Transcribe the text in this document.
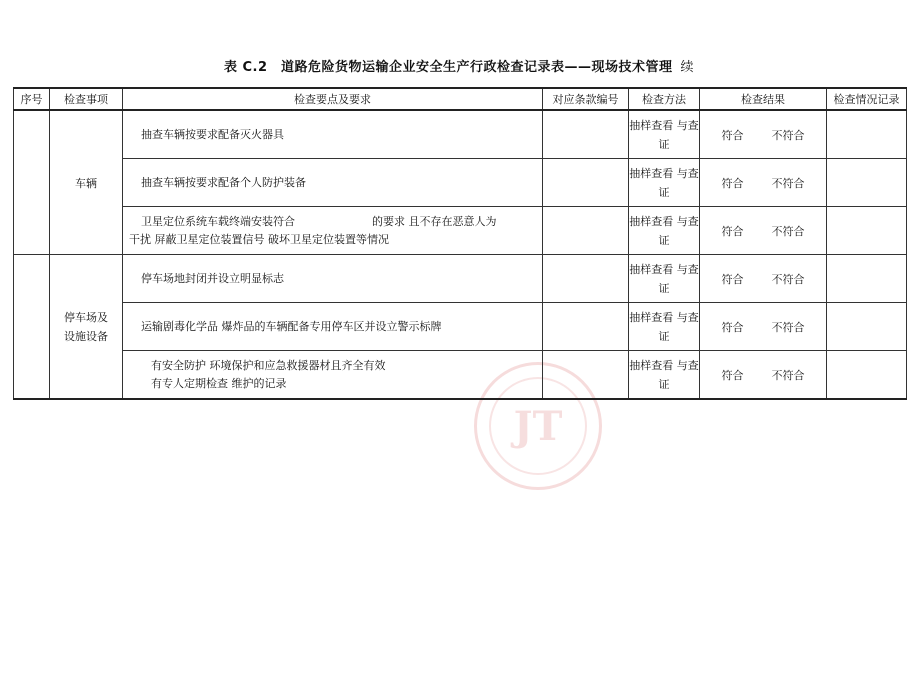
表 C.2　道路危险货物运输企业安全生产行政检查记录表——现场技术管理 续
JT
序号	检查事项	检查要点及要求	对应条款编号	检查方法	检查结果	检查情况记录
	车辆	抽查车辆按要求配备灭火器具		抽样查看 与查证	符合 不符合	
		抽查车辆按要求配备个人防护装备		抽样查看 与查证	符合 不符合	

		卫星定位系统车载终端安装符合　　　　　　　的要求 且不存在恶意人为
干扰 屏蔽卫星定位装置信号 破坏卫星定位装置等情况		抽样查看 与查证	符合 不符合	

	停车场及
设施设备	停车场地封闭并设立明显标志		抽样查看 与查证	符合 不符合	
		运输剧毒化学品 爆炸品的车辆配备专用停车区并设立警示标牌		抽样查看 与查证	符合 不符合	

		有安全防护 环境保护和应急救援器材且齐全有效
有专人定期检查 维护的记录		抽样查看 与查证	符合 不符合	
